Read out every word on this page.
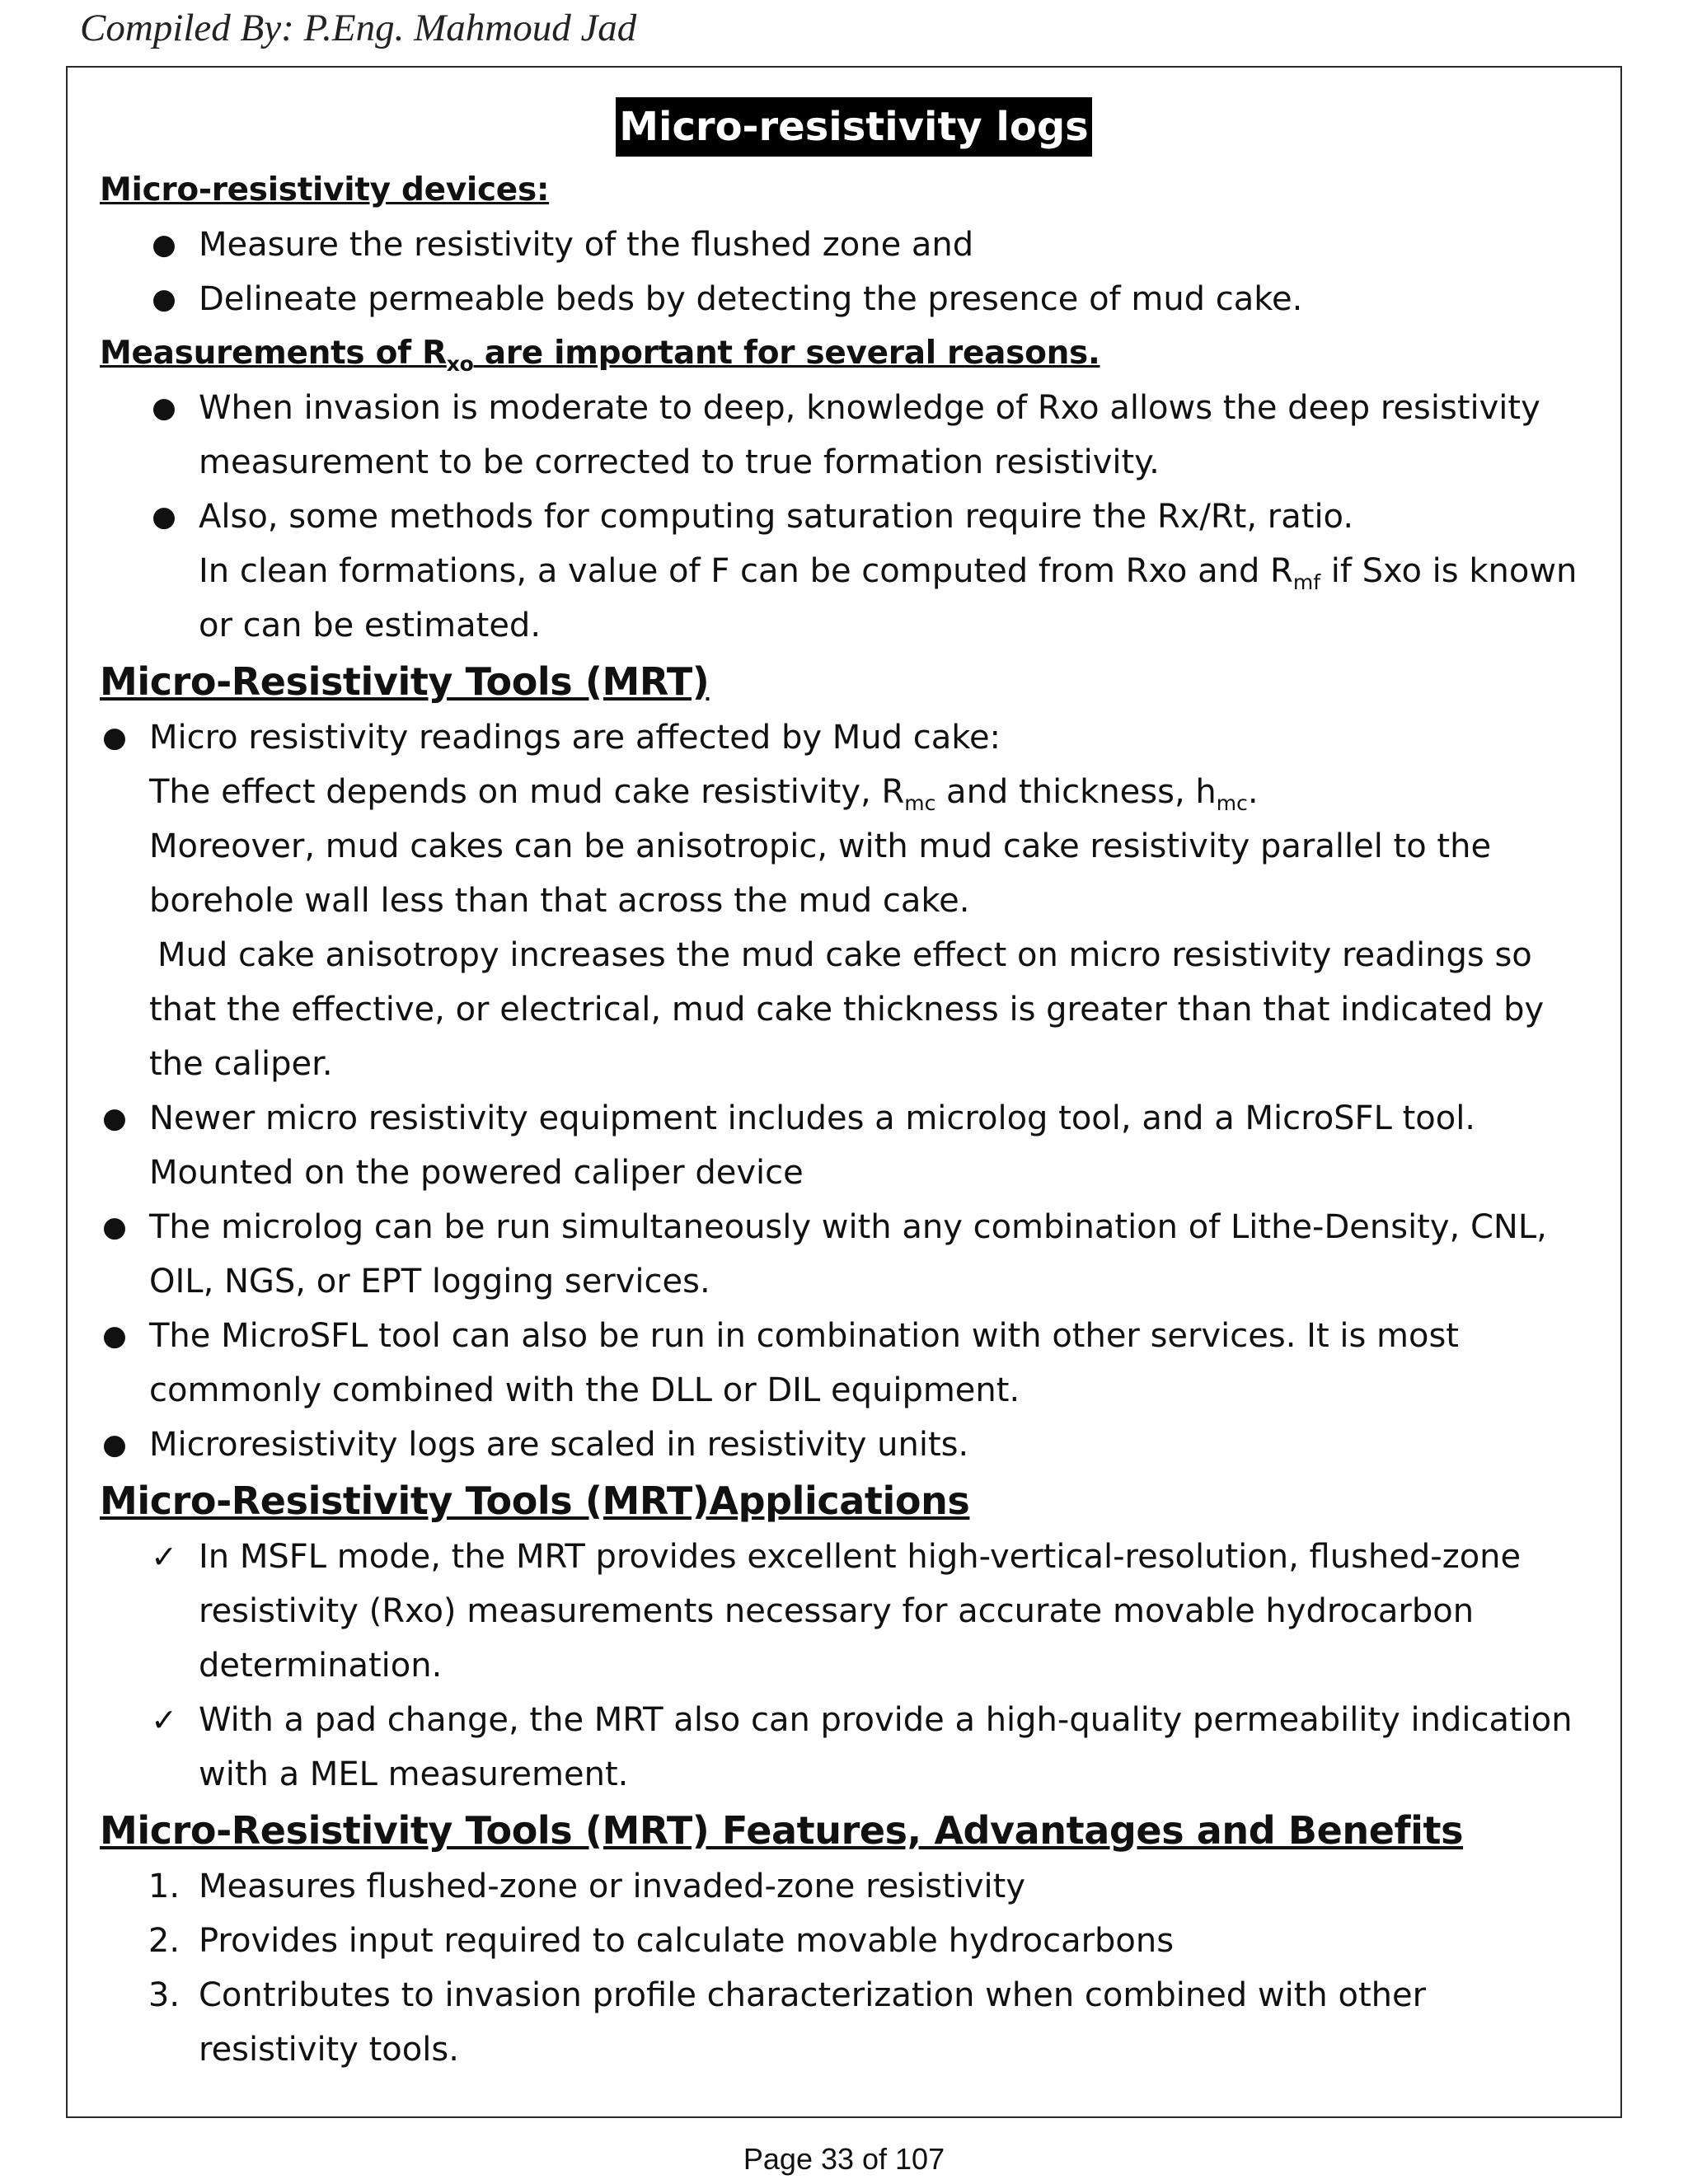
Compiled By: P.Eng. Mahmoud Jad
Micro-resistivity logs

Micro-resistivity devices:

● Measure the resistivity of the flushed zone and
● Delineate permeable beds by detecting the presence of mud cake.

Measurements of $R_{xo}$ are important for several reasons.

● When invasion is moderate to deep, knowledge of Rxo allows the deep resistivity measurement to be corrected to true formation resistivity.
● Also, some methods for computing saturation require the Rx/Rt, ratio.
In clean formations, a value of F can be computed from Rxo and $R_{mf}$ if Sxo is known or can be estimated.

Micro-Resistivity Tools (MRT)

● Micro resistivity readings are affected by Mud cake:
The effect depends on mud cake resistivity, $R_{mc}$ and thickness, $h_{mc}$.
Moreover, mud cakes can be anisotropic, with mud cake resistivity parallel to the borehole wall less than that across the mud cake.
Mud cake anisotropy increases the mud cake effect on micro resistivity readings so that the effective, or electrical, mud cake thickness is greater than that indicated by the caliper.
● Newer micro resistivity equipment includes a microlog tool, and a MicroSFL tool. Mounted on the powered caliper device
● The microlog can be run simultaneously with any combination of Lithe-Density, CNL, OIL, NGS, or EPT logging services.
● The MicroSFL tool can also be run in combination with other services. It is most commonly combined with the DLL or DIL equipment.
● Microresistivity logs are scaled in resistivity units.

Micro-Resistivity Tools (MRT)Applications

✓ In MSFL mode, the MRT provides excellent high-vertical-resolution, flushed-zone resistivity (Rxo) measurements necessary for accurate movable hydrocarbon determination.
✓ With a pad change, the MRT also can provide a high-quality permeability indication with a MEL measurement.

Micro-Resistivity Tools (MRT) Features, Advantages and Benefits

1. Measures flushed-zone or invaded-zone resistivity
2. Provides input required to calculate movable hydrocarbons
3. Contributes to invasion profile characterization when combined with other resistivity tools.
Page 33 of 107
